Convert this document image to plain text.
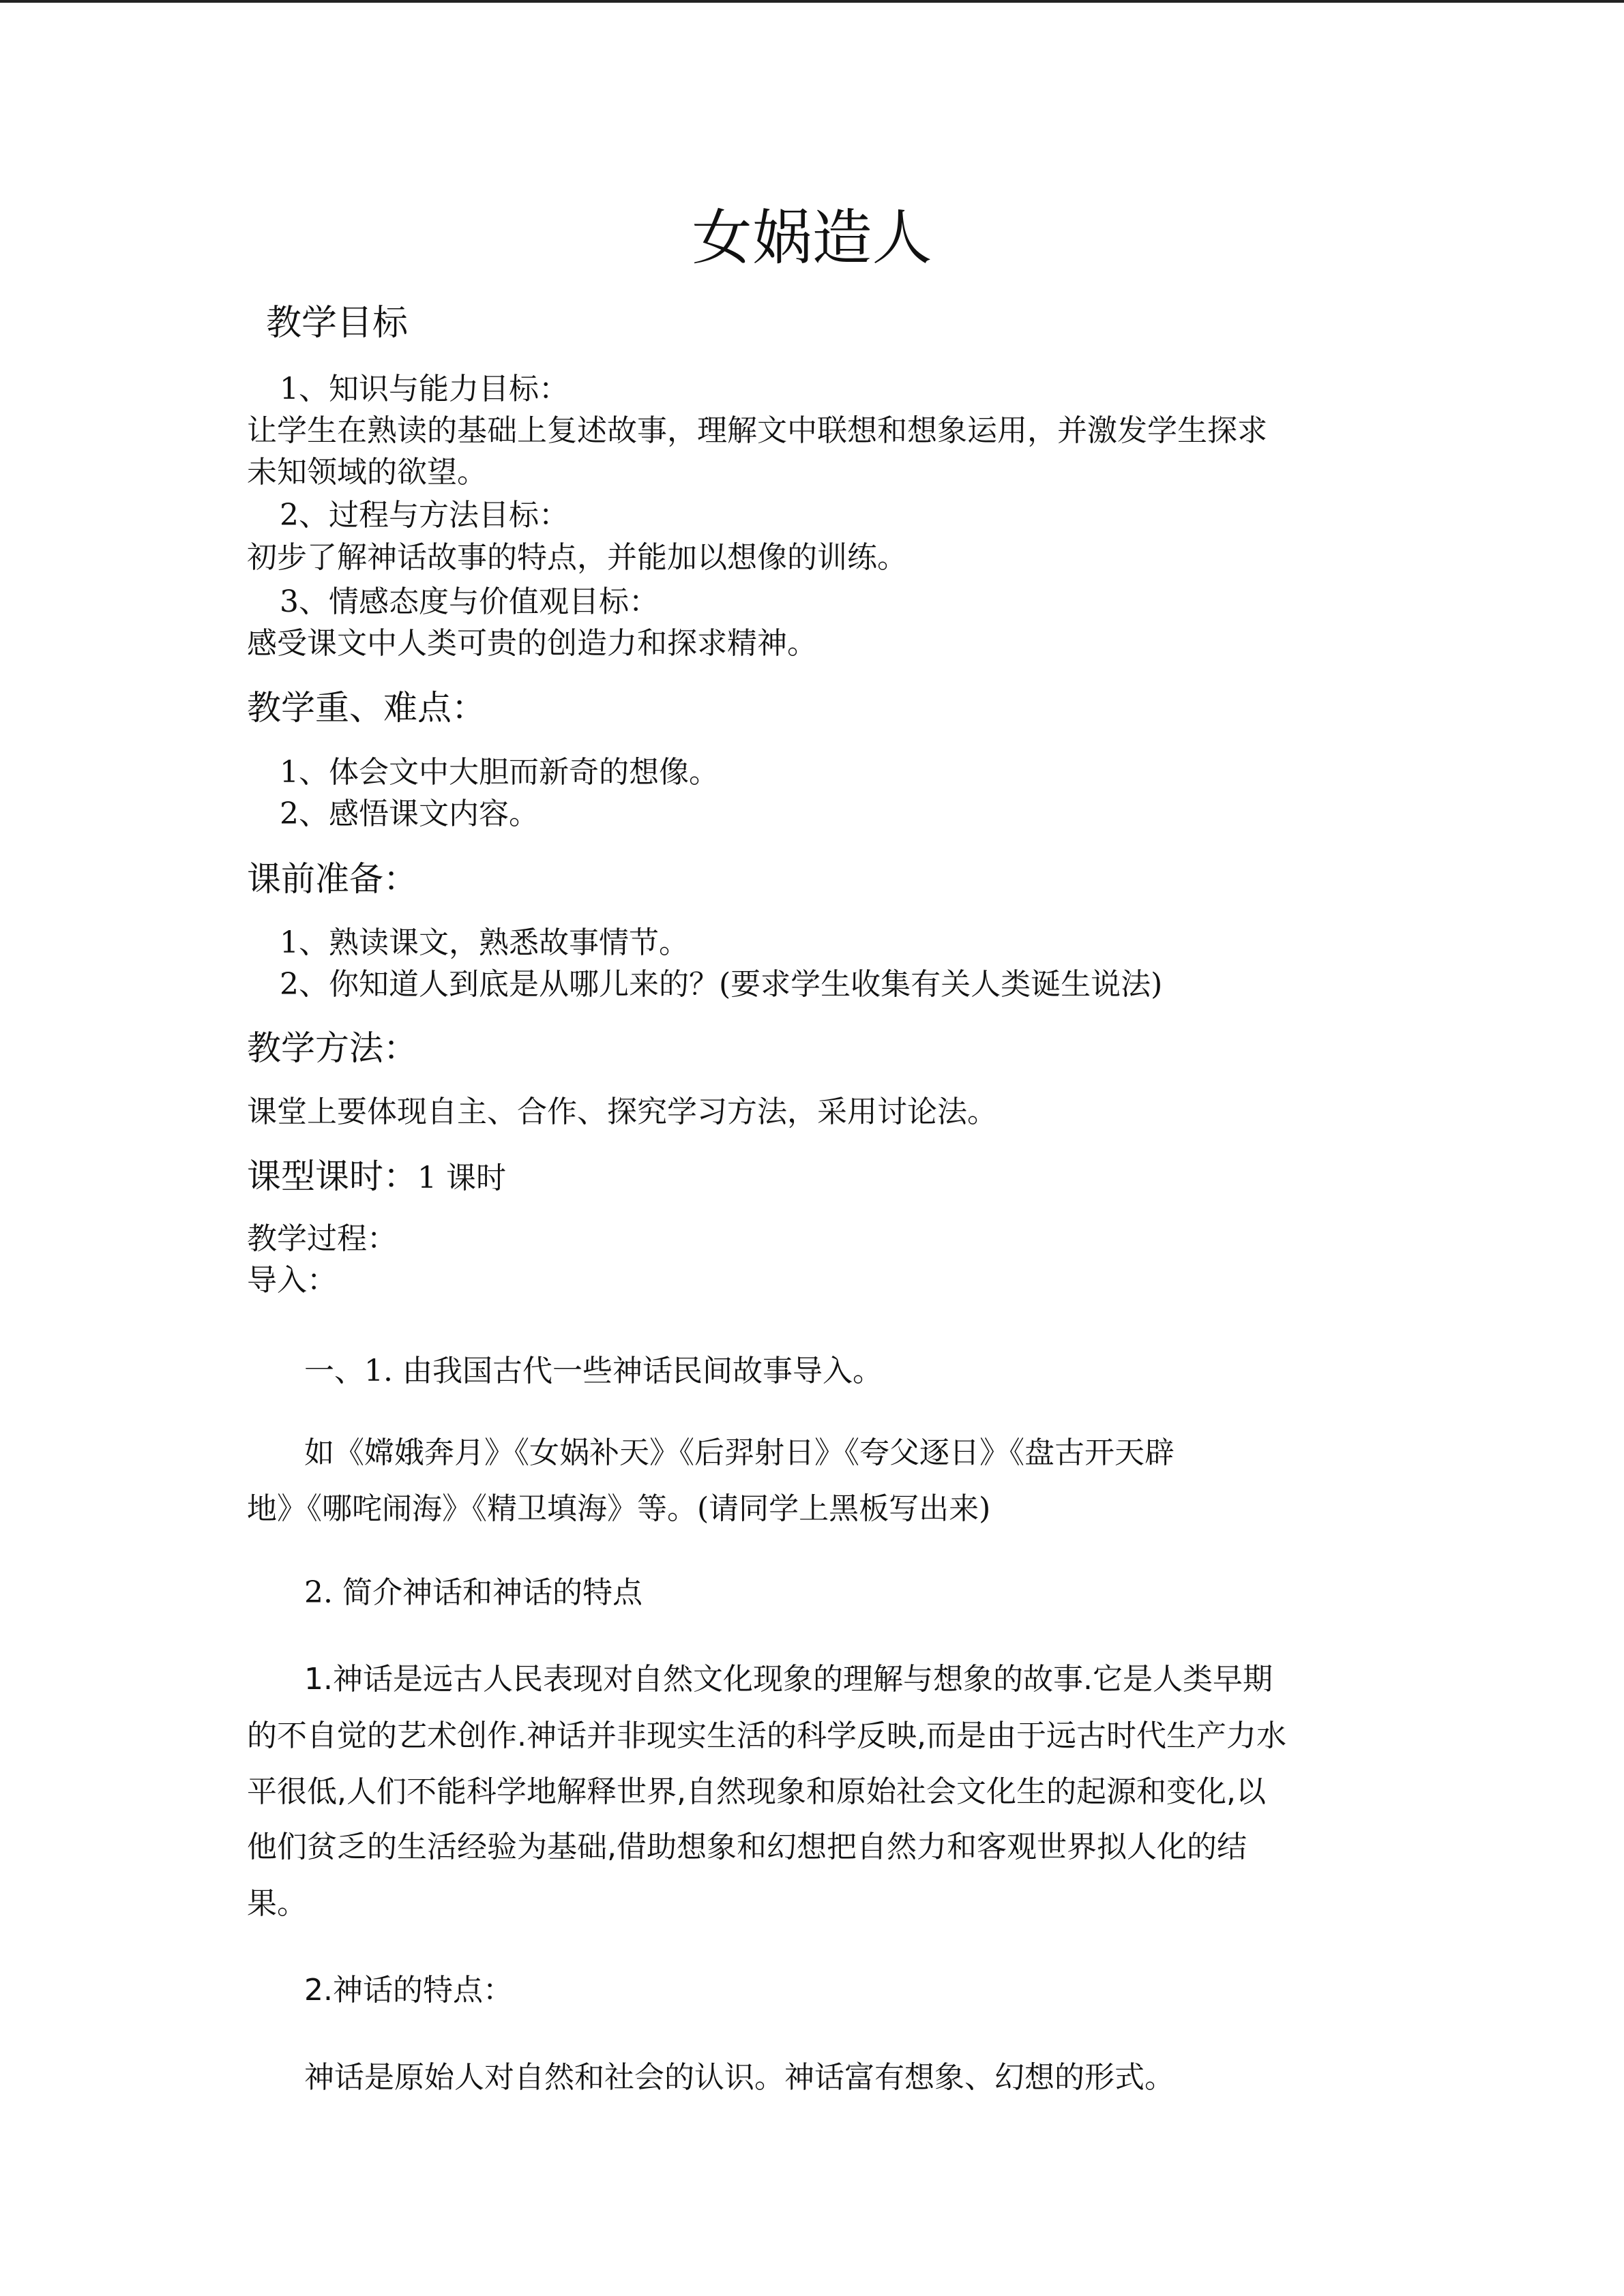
女娲造人
教学目标
1、知识与能力目标：
让学生在熟读的基础上复述故事，理解文中联想和想象运用，并激发学生探求
未知领域的欲望。
2、过程与方法目标：
初步了解神话故事的特点，并能加以想像的训练。
3、情感态度与价值观目标：
感受课文中人类可贵的创造力和探求精神。
教学重、难点：
1、体会文中大胆而新奇的想像。
2、感悟课文内容。
课前准备：
1、熟读课文，熟悉故事情节。
2、你知道人到底是从哪儿来的？(要求学生收集有关人类诞生说法)
教学方法：
课堂上要体现自主、合作、探究学习方法，采用讨论法。
课型课时：1 课时
教学过程：
导入：
一、1. 由我国古代一些神话民间故事导入。
如《嫦娥奔月》《女娲补天》《后羿射日》《夸父逐日》《盘古开天辟
地》《哪咤闹海》《精卫填海》等。(请同学上黑板写出来)
2. 简介神话和神话的特点
1.神话是远古人民表现对自然文化现象的理解与想象的故事.它是人类早期
的不自觉的艺术创作.神话并非现实生活的科学反映,而是由于远古时代生产力水
平很低,人们不能科学地解释世界,自然现象和原始社会文化生的起源和变化,以
他们贫乏的生活经验为基础,借助想象和幻想把自然力和客观世界拟人化的结
果。
2.神话的特点：
神话是原始人对自然和社会的认识。神话富有想象、幻想的形式。
